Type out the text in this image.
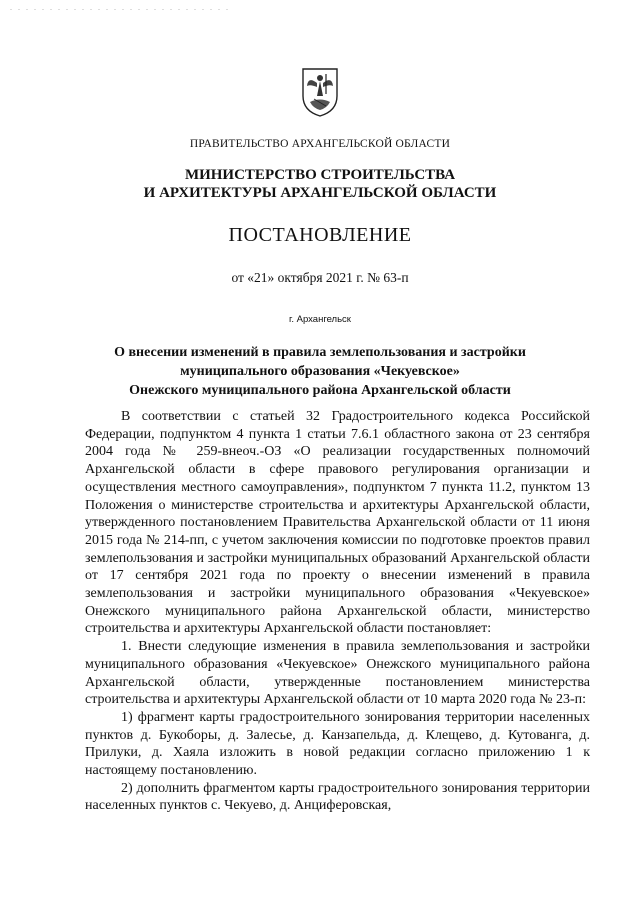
ПРАВИТЕЛЬСТВО АРХАНГЕЛЬСКОЙ ОБЛАСТИ
МИНИСТЕРСТВО СТРОИТЕЛЬСТВА
И АРХИТЕКТУРЫ АРХАНГЕЛЬСКОЙ ОБЛАСТИ
ПОСТАНОВЛЕНИЕ
от «21» октября 2021 г. № 63-п
г. Архангельск
О внесении изменений в правила землепользования и застройки
муниципального образования «Чекуевское»
Онежского муниципального района Архангельской области

В соответствии с статьей 32 Градостроительного кодекса Российской Федерации, подпунктом 4 пункта 1 статьи 7.6.1 областного закона от 23 сентября 2004 года № 259-внеоч.-ОЗ «О реализации государственных полномочий Архангельской области в сфере правового регулирования организации и осуществления местного самоуправления», подпунктом 7 пункта 11.2, пунктом 13 Положения о министерстве строительства и архитектуры Архангельской области, утвержденного постановлением Правительства Архангельской области от 11 июня 2015 года № 214-пп, с учетом заключения комиссии по подготовке проектов правил землепользования и застройки муниципальных образований Архангельской области от 17 сентября 2021 года по проекту о внесении изменений в правила землепользования и застройки муниципального образования «Чекуевское» Онежского муниципального района Архангельской области, министерство строительства и архитектуры Архангельской области постановляет:

1. Внести следующие изменения в правила землепользования и застройки муниципального образования «Чекуевское» Онежского муниципального района Архангельской области, утвержденные постановлением министерства строительства и архитектуры Архангельской области от 10 марта 2020 года № 23-п:

1) фрагмент карты градостроительного зонирования территории населенных пунктов д. Букоборы, д. Залесье, д. Канзапельда, д. Клещево, д. Кутованга, д. Прилуки, д. Хаяла изложить в новой редакции согласно приложению 1 к настоящему постановлению.

2) дополнить фрагментом карты градостроительного зонирования территории населенных пунктов с. Чекуево, д. Анциферовская,
